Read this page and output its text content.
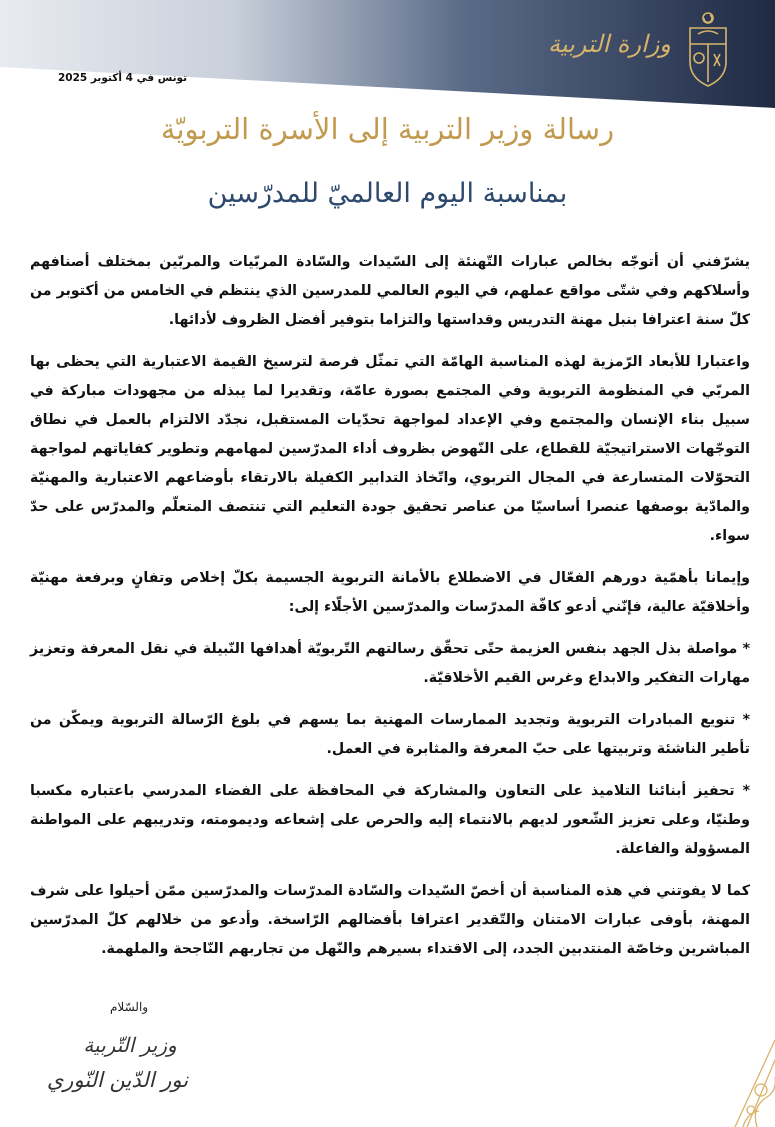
تونس في 4 أكتوبر 2025
وزارة التربية
رسالة وزير التربية إلى الأسرة التربويّة
بمناسبة اليوم العالميّ للمدرّسين

يشرّفني أن أتوجّه بخالص عبارات التّهنئة إلى السّيدات والسّادة المربّيات والمربّين بمختلف أصنافهم وأسلاكهم وفي شتّى مواقع عملهم، في اليوم العالمي للمدرسين الذي ينتظم في الخامس من أكتوبر من كلّ سنة اعترافا بنبل مهنة التدريس وقداستها والتزاما بتوفير أفضل الظروف لأدائها.

واعتبارا للأبعاد الرّمزية لهذه المناسبة الهامّة التي تمثّل فرصة لترسيخ القيمة الاعتبارية التي يحظى بها المربّي في المنظومة التربوية وفي المجتمع بصورة عامّة، وتقديرا لما يبذله من مجهودات مباركة في سبيل بناء الإنسان والمجتمع وفي الإعداد لمواجهة تحدّيات المستقبل، نجدّد الالتزام بالعمل في نطاق التوجّهات الاستراتيجيّة للقطاع، على النّهوض بظروف أداء المدرّسين لمهامهم وتطوير كفاياتهم لمواجهة التحوّلات المتسارعة في المجال التربوي، واتّخاذ التدابير الكفيلة بالارتقاء بأوضاعهم الاعتبارية والمهنيّة والمادّية بوصفها عنصرا أساسيّا من عناصر تحقيق جودة التعليم التي تنتصف المتعلّم والمدرّس على حدّ سواء.

وإيمانا بأهمّية دورهم الفعّال في الاضطلاع بالأمانة التربوية الجسيمة بكلّ إخلاص وتفانٍ وبرفعة مهنيّة وأخلاقيّة عالية، فإنّني أدعو كافّة المدرّسات والمدرّسين الأجلّاء إلى:

* مواصلة بذل الجهد بنفس العزيمة حتّى تحقّق رسالتهم التّربويّة أهدافها النّبيلة في نقل المعرفة وتعزيز مهارات التفكير والابداع وغرس القيم الأخلاقيّة.

* تنويع المبادرات التربوية وتجديد الممارسات المهنية بما يسهم في بلوغ الرّسالة التربوية ويمكّن من تأطير الناشئة وتربيتها على حبّ المعرفة والمثابرة في العمل.

* تحفيز أبنائنا التلاميذ على التعاون والمشاركة في المحافظة على الفضاء المدرسي باعتباره مكسبا وطنيّا، وعلى تعزيز الشّعور لديهم بالانتماء إليه والحرص على إشعاعه وديمومته، وتدريبهم على المواطنة المسؤولة والفاعلة.

كما لا يفوتني في هذه المناسبة أن أخصّ السّيدات والسّادة المدرّسات والمدرّسين ممّن أحيلوا على شرف المهنة، بأوفى عبارات الامتنان والتّقدير اعترافا بأفضالهم الرّاسخة. وأدعو من خلالهم كلّ المدرّسين المباشرين وخاصّة المنتدبين الجدد، إلى الاقتداء بسيرهم والنّهل من تجاربهم النّاجحة والملهمة.

والسّلام
وزير التّربية
نور الدّين النّوري
